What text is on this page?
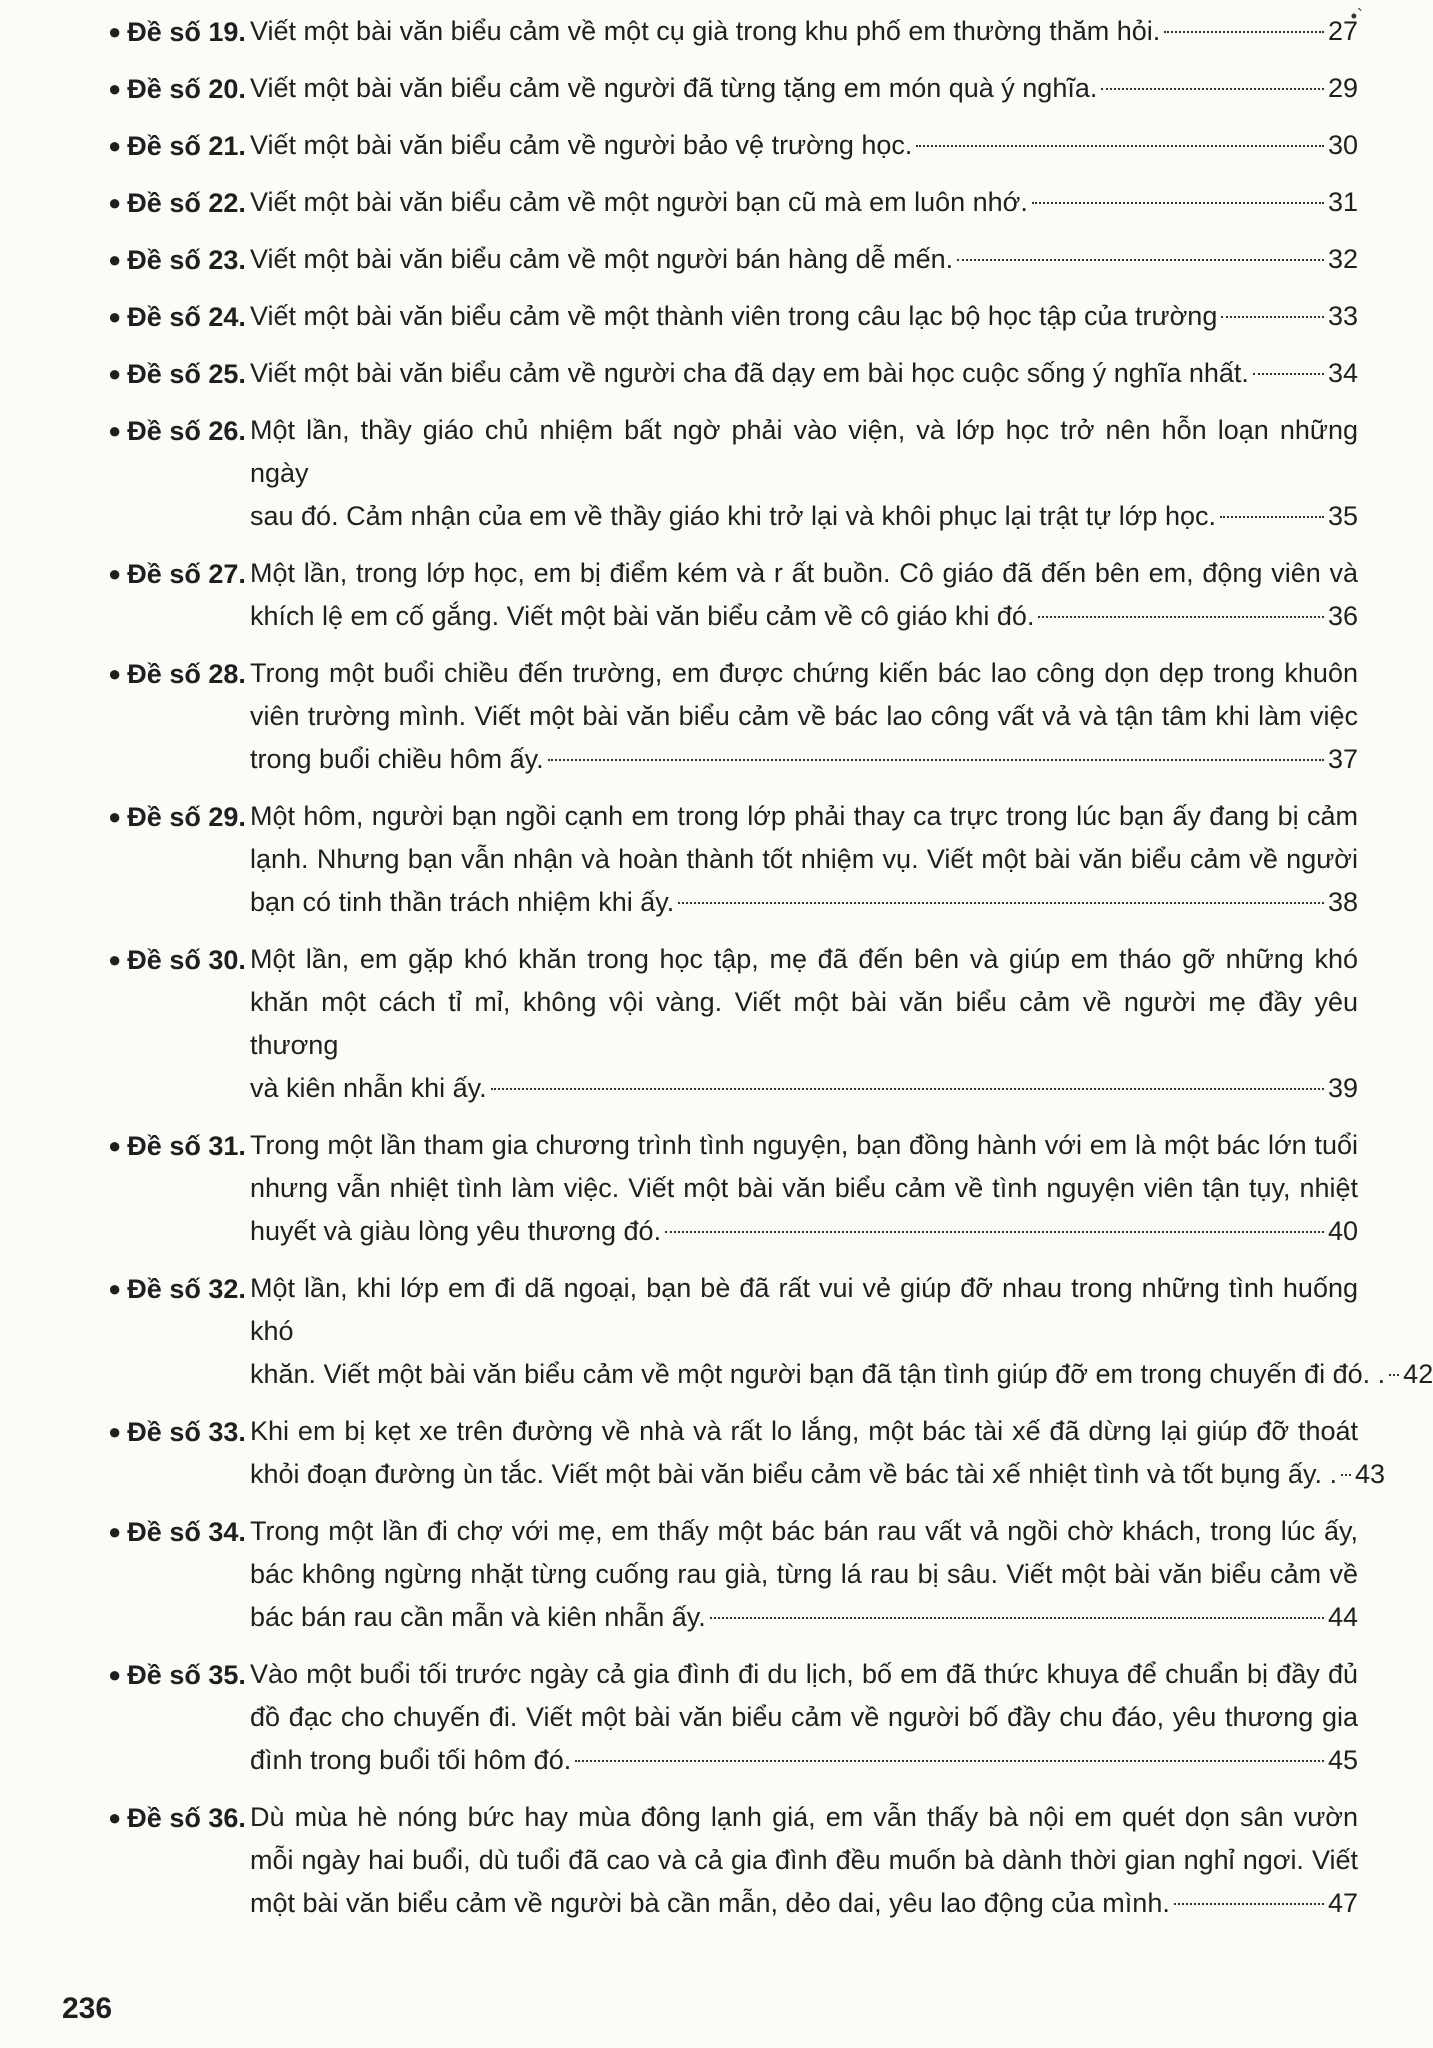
•`
● Đề số 19. Viết một bài văn biểu cảm về một cụ già trong khu phố em thường thăm hỏi.	27
● Đề số 20. Viết một bài văn biểu cảm về người đã từng tặng em món quà ý nghĩa.	29
● Đề số 21. Viết một bài văn biểu cảm về người bảo vệ trường học.	30
● Đề số 22. Viết một bài văn biểu cảm về một người bạn cũ mà em luôn nhớ.	31
● Đề số 23. Viết một bài văn biểu cảm về một người bán hàng dễ mến.	32
● Đề số 24. Viết một bài văn biểu cảm về một thành viên trong câu lạc bộ học tập của trường	33
● Đề số 25. Viết một bài văn biểu cảm về người cha đã dạy em bài học cuộc sống ý nghĩa nhất.	34
● Đề số 26. Một lần, thầy giáo chủ nhiệm bất ngờ phải vào viện, và lớp học trở nên hỗn loạn những ngày
sau đó. Cảm nhận của em về thầy giáo khi trở lại và khôi phục lại trật tự lớp học.	35
● Đề số 27. Một lần, trong lớp học, em bị điểm kém và r ất buồn. Cô giáo đã đến bên em, động viên và
khích lệ em cố gắng. Viết một bài văn biểu cảm về cô giáo khi đó.	36
● Đề số 28. Trong một buổi chiều đến trường, em được chứng kiến bác lao công dọn dẹp trong khuôn
viên trường mình. Viết một bài văn biểu cảm về bác lao công vất vả và tận tâm khi làm việc
trong buổi chiều hôm ấy.	37
● Đề số 29. Một hôm, người bạn ngồi cạnh em trong lớp phải thay ca trực trong lúc bạn ấy đang bị cảm
lạnh. Nhưng bạn vẫn nhận và hoàn thành tốt nhiệm vụ. Viết một bài văn biểu cảm về người
bạn có tinh thần trách nhiệm khi ấy.	38
● Đề số 30. Một lần, em gặp khó khăn trong học tập, mẹ đã đến bên và giúp em tháo gỡ những khó
khăn một cách tỉ mỉ, không vội vàng. Viết một bài văn biểu cảm về người mẹ đầy yêu thương
và kiên nhẫn khi ấy.	39
● Đề số 31. Trong một lần tham gia chương trình tình nguyện, bạn đồng hành với em là một bác lớn tuổi
nhưng vẫn nhiệt tình làm việc. Viết một bài văn biểu cảm về tình nguyện viên tận tụy, nhiệt
huyết và giàu lòng yêu thương đó.	40
● Đề số 32. Một lần, khi lớp em đi dã ngoại, bạn bè đã rất vui vẻ giúp đỡ nhau trong những tình huống khó
khăn. Viết một bài văn biểu cảm về một người bạn đã tận tình giúp đỡ em trong chuyến đi đó. . 42
● Đề số 33. Khi em bị kẹt xe trên đường về nhà và rất lo lắng, một bác tài xế đã dừng lại giúp đỡ thoát
khỏi đoạn đường ùn tắc. Viết một bài văn biểu cảm về bác tài xế nhiệt tình và tốt bụng ấy. . 43
● Đề số 34. Trong một lần đi chợ với mẹ, em thấy một bác bán rau vất vả ngồi chờ khách, trong lúc ấy,
bác không ngừng nhặt từng cuống rau già, từng lá rau bị sâu. Viết một bài văn biểu cảm về
bác bán rau cần mẫn và kiên nhẫn ấy.	44
● Đề số 35. Vào một buổi tối trước ngày cả gia đình đi du lịch, bố em đã thức khuya để chuẩn bị đầy đủ
đồ đạc cho chuyến đi. Viết một bài văn biểu cảm về người bố đầy chu đáo, yêu thương gia
đình trong buổi tối hôm đó.	45
● Đề số 36. Dù mùa hè nóng bức hay mùa đông lạnh giá, em vẫn thấy bà nội em quét dọn sân vườn
mỗi ngày hai buổi, dù tuổi đã cao và cả gia đình đều muốn bà dành thời gian nghỉ ngơi. Viết
một bài văn biểu cảm về người bà cần mẫn, dẻo dai, yêu lao động của mình.	47
236
